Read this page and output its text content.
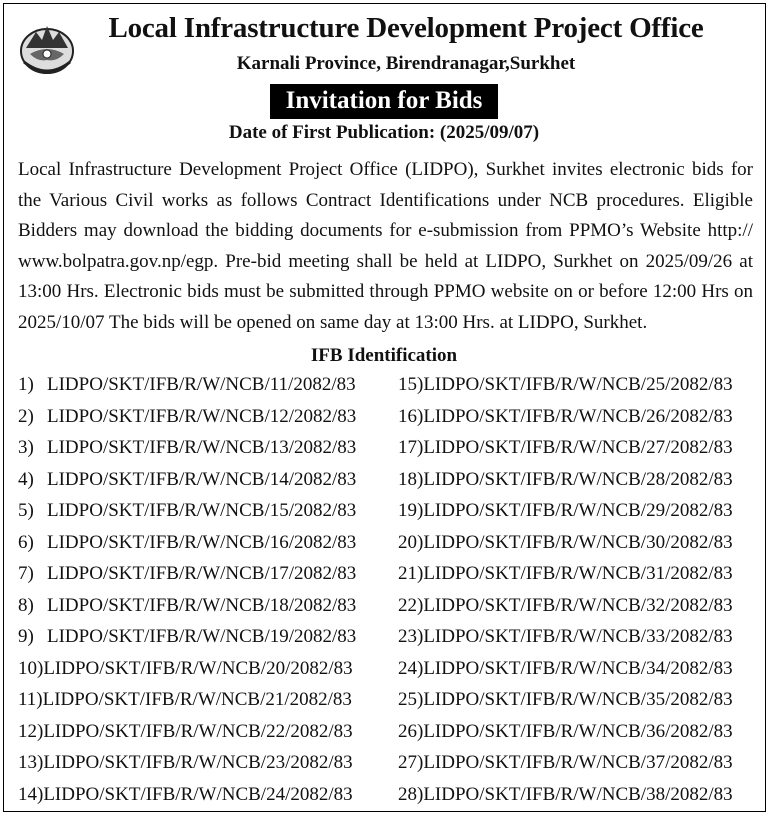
Local Infrastructure Development Project Office
Karnali Province, Birendranagar,Surkhet
Invitation for Bids
Date of First Publication: (2025/09/07)

Local Infrastructure Development Project Office (LIDPO), Surkhet invites electronic bids for the Various Civil works as follows Contract Identifications under NCB procedures. Eligible Bidders may download the bidding documents for e-submission from PPMO’s Website http:// www.bolpatra.gov.np/egp. Pre-bid meeting shall be held at LIDPO, Surkhet on 2025/09/26 at 13:00 Hrs. Electronic bids must be submitted through PPMO website on or before 12:00 Hrs on 2025/10/07 The bids will be opened on same day at 13:00 Hrs. at LIDPO, Surkhet.

IFB Identification
1) LIDPO/SKT/IFB/R/W/NCB/11/2082/83
2) LIDPO/SKT/IFB/R/W/NCB/12/2082/83
3) LIDPO/SKT/IFB/R/W/NCB/13/2082/83
4) LIDPO/SKT/IFB/R/W/NCB/14/2082/83
5) LIDPO/SKT/IFB/R/W/NCB/15/2082/83
6) LIDPO/SKT/IFB/R/W/NCB/16/2082/83
7) LIDPO/SKT/IFB/R/W/NCB/17/2082/83
8) LIDPO/SKT/IFB/R/W/NCB/18/2082/83
9) LIDPO/SKT/IFB/R/W/NCB/19/2082/83
10)LIDPO/SKT/IFB/R/W/NCB/20/2082/83
11)LIDPO/SKT/IFB/R/W/NCB/21/2082/83
12)LIDPO/SKT/IFB/R/W/NCB/22/2082/83
13)LIDPO/SKT/IFB/R/W/NCB/23/2082/83
14)LIDPO/SKT/IFB/R/W/NCB/24/2082/83
15)LIDPO/SKT/IFB/R/W/NCB/25/2082/83
16)LIDPO/SKT/IFB/R/W/NCB/26/2082/83
17)LIDPO/SKT/IFB/R/W/NCB/27/2082/83
18)LIDPO/SKT/IFB/R/W/NCB/28/2082/83
19)LIDPO/SKT/IFB/R/W/NCB/29/2082/83
20)LIDPO/SKT/IFB/R/W/NCB/30/2082/83
21)LIDPO/SKT/IFB/R/W/NCB/31/2082/83
22)LIDPO/SKT/IFB/R/W/NCB/32/2082/83
23)LIDPO/SKT/IFB/R/W/NCB/33/2082/83
24)LIDPO/SKT/IFB/R/W/NCB/34/2082/83
25)LIDPO/SKT/IFB/R/W/NCB/35/2082/83
26)LIDPO/SKT/IFB/R/W/NCB/36/2082/83
27)LIDPO/SKT/IFB/R/W/NCB/37/2082/83
28)LIDPO/SKT/IFB/R/W/NCB/38/2082/83
